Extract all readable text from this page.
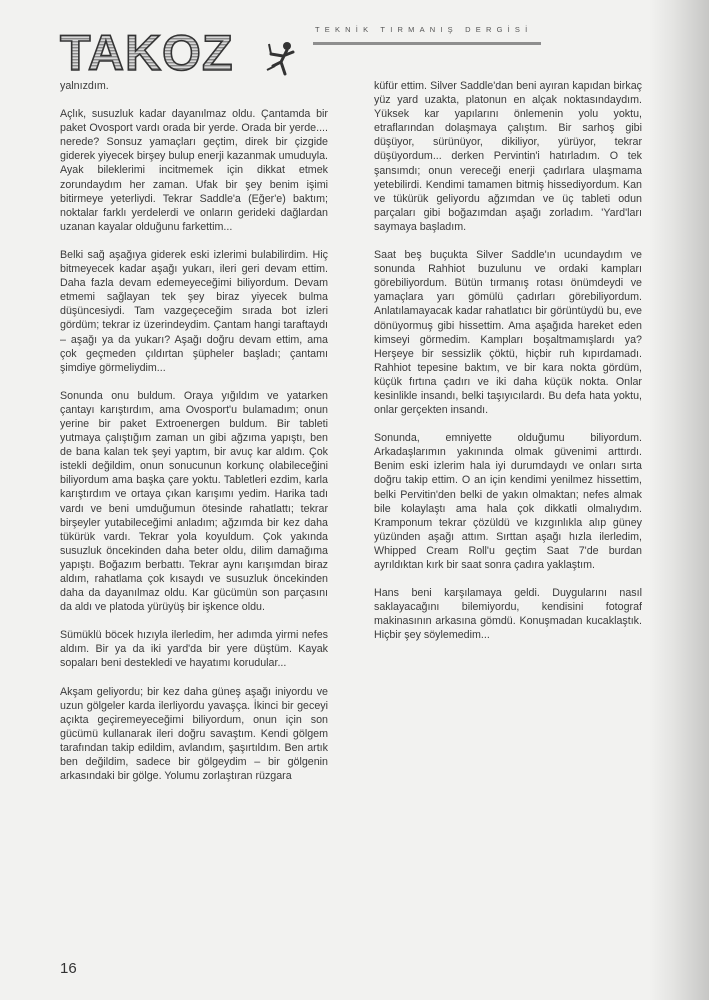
TAKOZ	TEKNİK TIRMANIŞ DERGİSİ

yalnızdım.

Açlık, susuzluk kadar dayanılmaz oldu. Çantamda bir paket Ovosport vardı orada bir yerde. Orada bir yerde.... nerede? Sonsuz yamaçları geçtim, direk bir çizgide giderek yiyecek birşey bulup enerji kazanmak umuduyla. Ayak bileklerimi incitmemek için dikkat etmek zorundaydım her zaman. Ufak bir şey benim işimi bitirmeye yeterliydi. Tekrar Saddle'a (Eğer'e) baktım; noktalar farklı yerdelerdi ve onların gerideki dağlardan uzanan kayalar olduğunu farkettim...

Belki sağ aşağıya giderek eski izlerimi bulabilirdim. Hiç bitmeyecek kadar aşağı yukarı, ileri geri devam ettim. Daha fazla devam edemeyeceğimi biliyordum. Devam etmemi sağlayan tek şey biraz yiyecek bulma düşüncesiydi. Tam vazgeçeceğim sırada bot izleri gördüm; tekrar iz üzerindeydim. Çantam hangi taraftaydı – aşağı ya da yukarı? Aşağı doğru devam ettim, ama çok geçmeden çıldırtan şüpheler başladı; çantamı şimdiye görmeliydim...

Sonunda onu buldum. Oraya yığıldım ve yatarken çantayı karıştırdım, ama Ovosport'u bulamadım; onun yerine bir paket Extroenergen buldum. Bir tableti yutmaya çalıştığım zaman un gibi ağzıma yapıştı, ben de bana kalan tek şeyi yaptım, bir avuç kar aldım. Çok istekli değildim, onun sonucunun korkunç olabileceğini biliyordum ama başka çare yoktu. Tabletleri ezdim, karla karıştırdım ve ortaya çıkan karışımı yedim. Harika tadı vardı ve beni umduğumun ötesinde rahatlattı; tekrar birşeyler yutabileceğimi anladım; ağzımda bir kez daha tükürük vardı. Tekrar yola koyuldum. Çok yakında susuzluk öncekinden daha beter oldu, dilim damağıma yapıştı. Boğazım berbattı. Tekrar aynı karışımdan biraz aldım, rahatlama çok kısaydı ve susuzluk öncekinden daha da dayanılmaz oldu. Kar gücümün son parçasını da aldı ve platoda yürüyüş bir işkence oldu.

Sümüklü böcek hızıyla ilerledim, her adımda yirmi nefes aldım. Bir ya da iki yard'da bir yere düştüm. Kayak sopaları beni destekledi ve hayatımı korudular...

Akşam geliyordu; bir kez daha güneş aşağı iniyordu ve uzun gölgeler karda ilerliyordu yavaşça. İkinci bir geceyi açıkta geçiremeyeceğimi biliyordum, onun için son gücümü kullanarak ileri doğru savaştım. Kendi gölgem tarafından takip edildim, avlandım, şaşırtıldım. Ben artık ben değildim, sadece bir gölgeydim – bir gölgenin arkasındaki bir gölge. Yolumu zorlaştıran rüzgara

küfür ettim. Silver Saddle'dan beni ayıran kapıdan birkaç yüz yard uzakta, platonun en alçak noktasındaydım. Yüksek kar yapılarını önlemenin yolu yoktu, etraflarından dolaşmaya çalıştım. Bir sarhoş gibi düşüyor, sürünüyor, dikiliyor, yürüyor, tekrar düşüyordum... derken Pervintin'i hatırladım. O tek şansımdı; onun vereceği enerji çadırlara ulaşmama yetebilirdi. Kendimi tamamen bitmiş hissediyordum. Kan ve tükürük geliyordu ağzımdan ve üç tableti odun parçaları gibi boğazımdan aşağı zorladım. 'Yard'ları saymaya başladım.

Saat beş buçukta Silver Saddle'ın ucundaydım ve sonunda Rahhiot buzulunu ve ordaki kampları görebiliyordum. Bütün tırmanış rotası önümdeydi ve yamaçlara yarı gömülü çadırları görebiliyordum. Anlatılamayacak kadar rahatlatıcı bir görüntüydü bu, eve dönüyormuş gibi hissettim. Ama aşağıda hareket eden kimseyi görmedim. Kampları boşaltmamışlardı ya? Herşeye bir sessizlik çöktü, hiçbir ruh kıpırdamadı. Rahhiot tepesine baktım, ve bir kara nokta gördüm, küçük fırtına çadırı ve iki daha küçük nokta. Onlar kesinlikle insandı, belki taşıyıcılardı. Bu defa hata yoktu, onlar gerçekten insandı.

Sonunda, emniyette olduğumu biliyordum. Arkadaşlarımın yakınında olmak güvenimi arttırdı. Benim eski izlerim hala iyi durumdaydı ve onları sırta doğru takip ettim. O an için kendimi yenilmez hissettim, belki Pervitin'den belki de yakın olmaktan; nefes almak bile kolaylaştı ama hala çok dikkatli olmalıydım. Kramponum tekrar çözüldü ve kızgınlıkla alıp güney yüzünden aşağı attım. Sırttan aşağı hızla ilerledim, Whipped Cream Roll'u geçtim Saat 7'de burdan ayrıldıktan kırk bir saat sonra çadıra yaklaştım.

Hans beni karşılamaya geldi. Duygularını nasıl saklayacağını bilemiyordu, kendisini fotograf makinasının arkasına gömdü. Konuşmadan kucaklaştık. Hiçbir şey söylemedim...

16
